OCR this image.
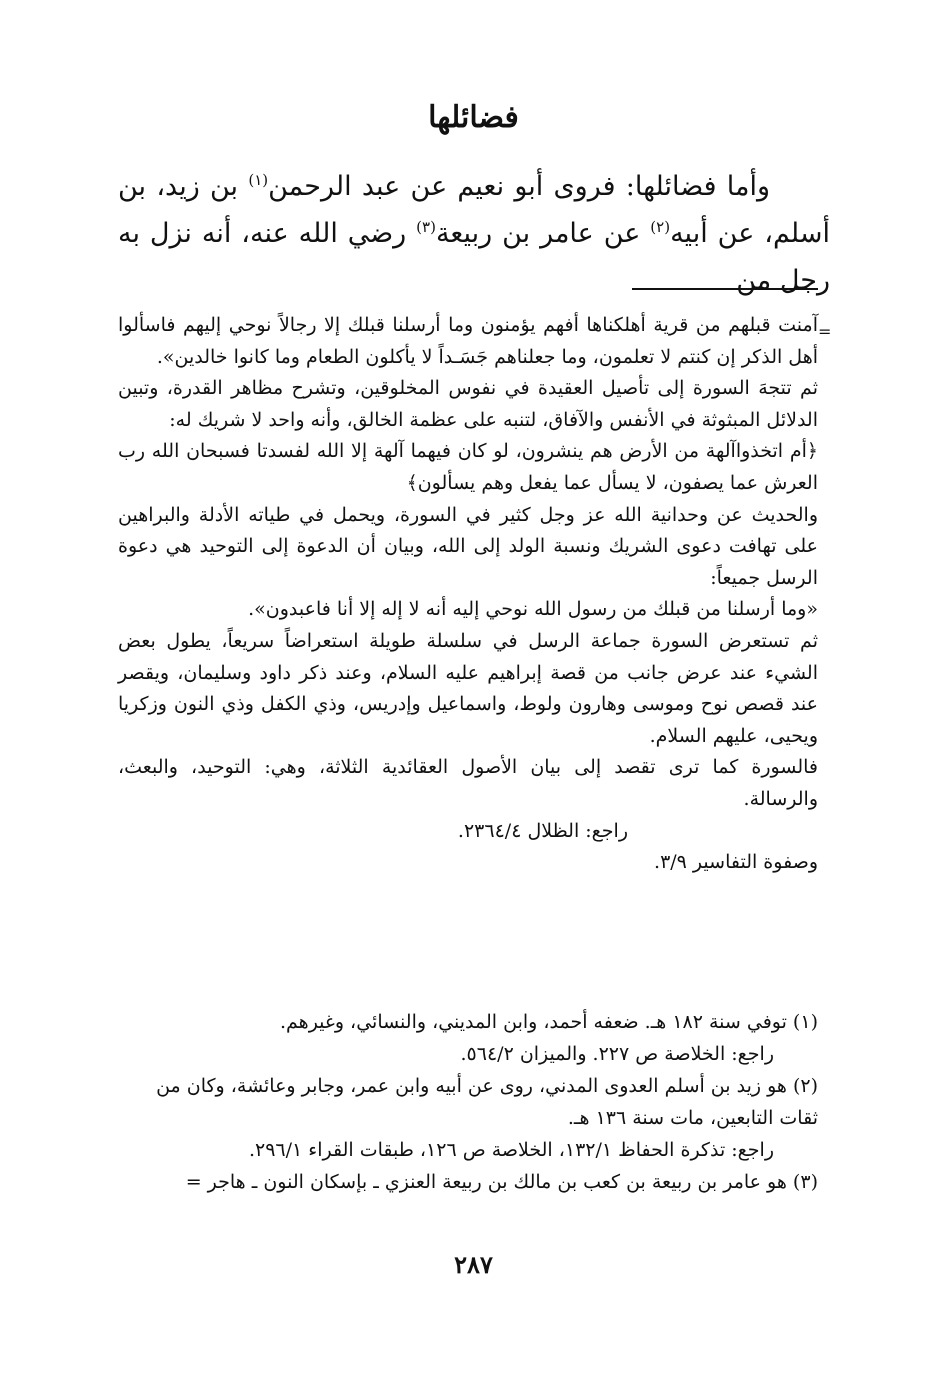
فضائلها

وأما فضائلها: فروى أبو نعيم عن عبد الرحمن$^{(١)}$ بن زيد، بن أسلم، عن أبيه$^{(٢)}$ عن عامر بن ربيعة$^{(٣)}$ رضي الله عنه، أنه نزل به رجل من

=

آمنت قبلهم من قرية أهلكناها أفهم يؤمنون وما أرسلنا قبلك إلا رجالاً نوحي إليهم فاسألوا أهل الذكر إن كنتم لا تعلمون، وما جعلناهم جَسَـداً لا يأكلون الطعام وما كانوا خالدين».

ثم تتجهَ السورة إلى تأصيل العقيدة في نفوس المخلوقين، وتشرح مظاهر القدرة، وتبين الدلائل المبثوثة في الأنفس والآفاق، لتنبه على عظمة الخالق، وأنه واحد لا شريك له:

﴿أم اتخذواآلهة من الأرض هم ينشرون، لو كان فيهما آلهة إلا الله لفسدتا فسبحان الله رب العرش عما يصفون، لا يسأل عما يفعل وهم يسألون﴾

والحديث عن وحدانية الله عز وجل كثير في السورة، ويحمل في طياته الأدلة والبراهين على تهافت دعوى الشريك ونسبة الولد إلى الله، وبيان أن الدعوة إلى التوحيد هي دعوة الرسل جميعاً:

«وما أرسلنا من قبلك من رسول الله نوحي إليه أنه لا إله إلا أنا فاعبدون».

ثم تستعرض السورة جماعة الرسل في سلسلة طويلة استعراضاً سريعاً، يطول بعض الشيء عند عرض جانب من قصة إبراهيم عليه السلام، وعند ذكر داود وسليمان، ويقصر عند قصص نوح وموسى وهارون ولوط، واسماعيل وإدريس، وذي الكفل وذي النون وزكريا ويحيى، عليهم السلام.

فالسورة كما ترى تقصد إلى بيان الأصول العقائدية الثلاثة، وهي: التوحيد، والبعث، والرسالة.

راجع: الظلال ٢٣٦٤/٤.

وصفوة التفاسير ٣/٩.

(١) توفي سنة ١٨٢ هـ. ضعفه أحمد، وابن المديني، والنسائي، وغيرهم.

راجع: الخلاصة ص ٢٢٧. والميزان ٥٦٤/٢.

(٢) هو زيد بن أسلم العدوى المدني، روى عن أبيه وابن عمر، وجابر وعائشة، وكان من ثقات التابعين، مات سنة ١٣٦ هـ.

راجع: تذكرة الحفاظ ١٣٢/١، الخلاصة ص ١٢٦، طبقات القراء ٢٩٦/١.

(٣) هو عامر بن ربيعة بن كعب بن مالك بن ربيعة العنزي ـ بإسكان النون ـ هاجر =

٢٨٧
